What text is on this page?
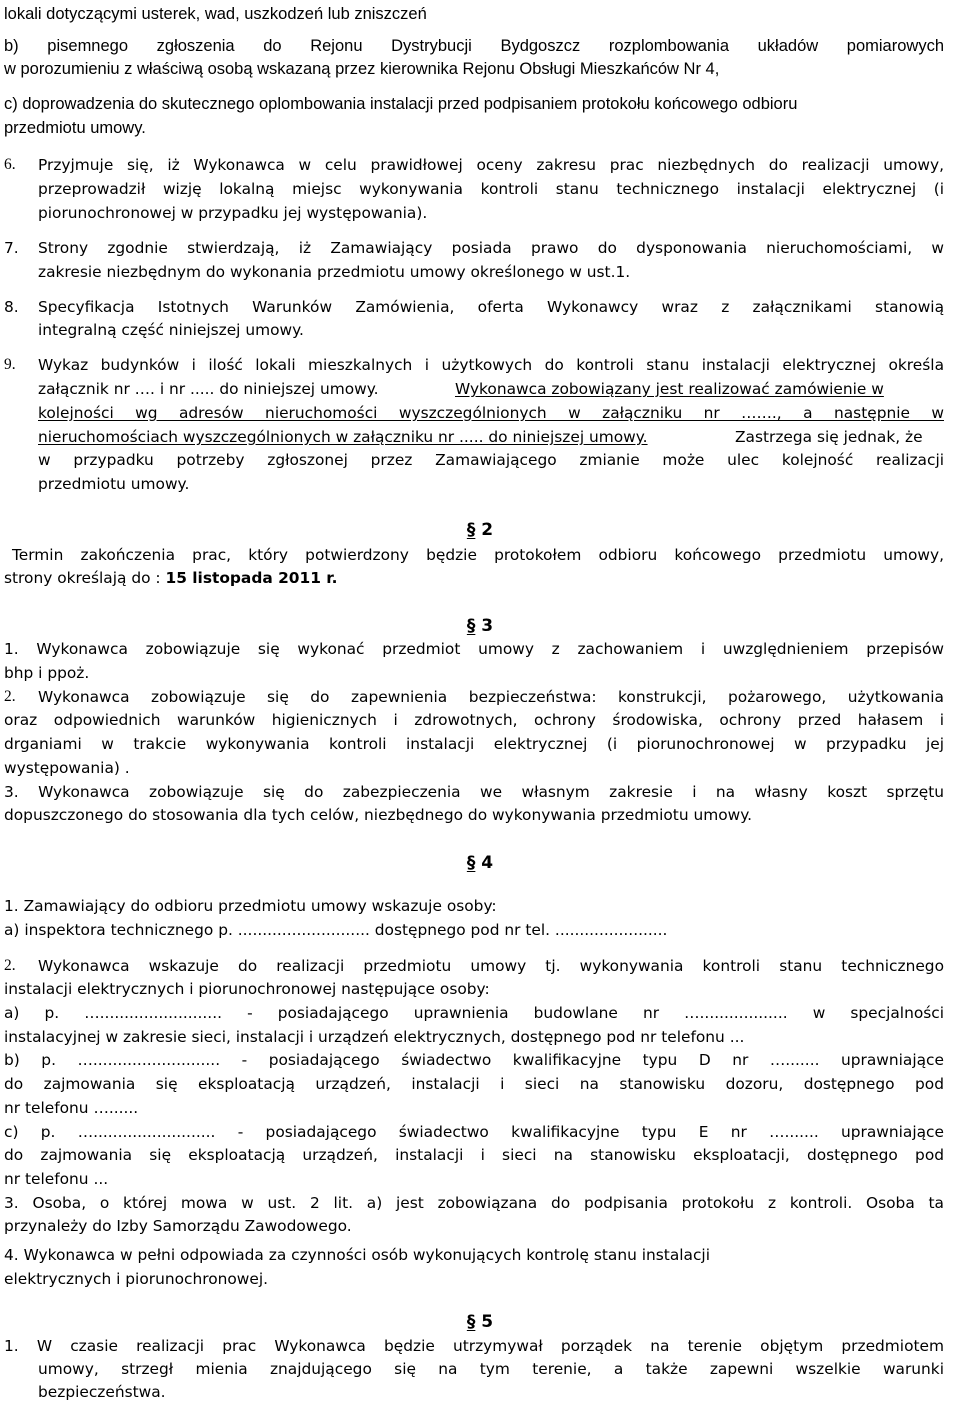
lokali dotyczącymi usterek, wad, uszkodzeń lub zniszczeń

b) pisemnego zgłoszenia do Rejonu Dystrybucji Bydgoszcz rozplombowania układów pomiarowych

w porozumieniu z właściwą osobą wskazaną przez kierownika Rejonu Obsługi Mieszkańców Nr 4,

c) doprowadzenia do skutecznego oplombowania instalacji przed podpisaniem protokołu końcowego odbioru

przedmiotu umowy.

6. Przyjmuje się, iż Wykonawca w celu prawidłowej oceny zakresu prac niezbędnych do realizacji umowy,

przeprowadził wizję lokalną miejsc wykonywania kontroli stanu technicznego instalacji elektrycznej (i

piorunochronowej w przypadku jej występowania).

7. Strony zgodnie stwierdzają, iż Zamawiający posiada prawo do dysponowania nieruchomościami, w

zakresie niezbędnym do wykonania przedmiotu umowy określonego w ust.1.

8. Specyfikacja Istotnych Warunków Zamówienia, oferta Wykonawcy wraz z załącznikami stanowią

integralną część niniejszej umowy.

9. Wykaz budynków i ilość lokali mieszkalnych i użytkowych do kontroli stanu instalacji elektrycznej określa

załącznik nr …. i nr ..... do niniejszej umowy.	Wykonawca zobowiązany jest realizować zamówienie w

kolejności wg adresów nieruchomości wyszczególnionych w załączniku nr ……., a następnie w

nieruchomościach wyszczególnionych w załączniku nr ..... do niniejszej umowy.	Zastrzega się jednak, że

w przypadku potrzeby zgłoszonej przez Zamawiającego zmianie może ulec kolejność realizacji

przedmiotu umowy.

§ 2

Termin zakończenia prac, który potwierdzony będzie protokołem odbioru końcowego przedmiotu umowy,

strony określają do : 15 listopada 2011 r.

§ 3

1. Wykonawca zobowiązuje się wykonać przedmiot umowy z zachowaniem i uwzględnieniem przepisów

bhp i ppoż.

2. Wykonawca zobowiązuje się do zapewnienia bezpieczeństwa: konstrukcji, pożarowego, użytkowania

oraz odpowiednich warunków higienicznych i zdrowotnych, ochrony środowiska, ochrony przed hałasem i

drganiami w trakcie wykonywania kontroli instalacji elektrycznej (i piorunochronowej w przypadku jej

występowania) .

3. Wykonawca zobowiązuje się do zabezpieczenia we własnym zakresie i na własny koszt sprzętu

dopuszczonego do stosowania dla tych celów, niezbędnego do wykonywania przedmiotu umowy.

§ 4

1. Zamawiający do odbioru przedmiotu umowy wskazuje osoby:

a) inspektora technicznego p. ........................... dostępnego pod nr tel. .......................

2. Wykonawca wskazuje do realizacji przedmiotu umowy tj. wykonywania kontroli stanu technicznego

instalacji elektrycznych i piorunochronowej następujące osoby:

a) p. …......................... - posiadającego uprawnienia budowlane nr ….................. w specjalności

instalacyjnej w zakresie sieci, instalacji i urządzeń elektrycznych, dostępnego pod nr telefonu ...

b) p. ….......................... - posiadającego świadectwo kwalifikacyjne typu D nr …....... uprawniające

do zajmowania się eksploatacją urządzeń, instalacji i sieci na stanowisku dozoru, dostępnego pod

nr telefonu …......

c) p. …......................... - posiadającego świadectwo kwalifikacyjne typu E nr …....... uprawniające

do zajmowania się eksploatacją urządzeń, instalacji i sieci na stanowisku eksploatacji, dostępnego pod

nr telefonu ...

3. Osoba, o której mowa w ust. 2 lit. a) jest zobowiązana do podpisania protokołu z kontroli. Osoba ta

przynależy do Izby Samorządu Zawodowego.

4. Wykonawca w pełni odpowiada za czynności osób wykonujących kontrolę stanu instalacji

elektrycznych i piorunochronowej.

§ 5

1. W czasie realizacji prac Wykonawca będzie utrzymywał porządek na terenie objętym przedmiotem

umowy, strzegł mienia znajdującego się na tym terenie, a także zapewni wszelkie warunki

bezpieczeństwa.
